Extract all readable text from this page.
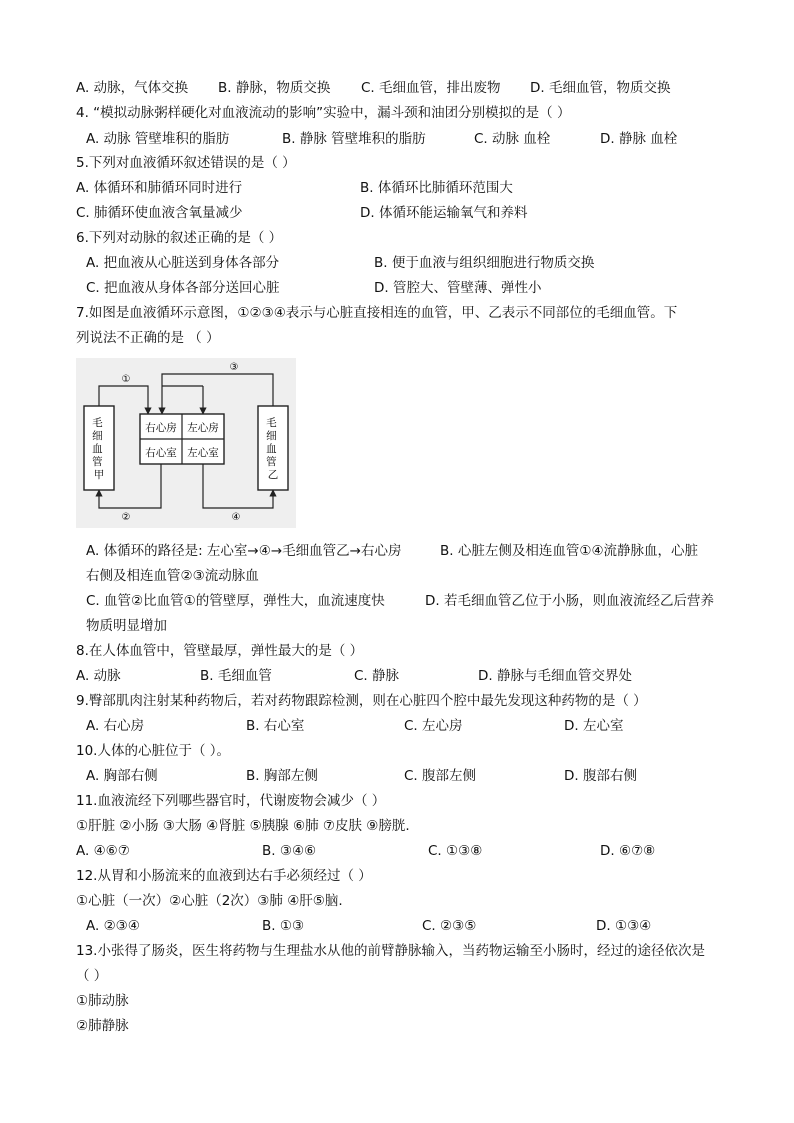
A. 动脉，气体交换 B. 静脉，物质交换 C. 毛细血管，排出废物 D. 毛细血管，物质交换
4. “模拟动脉粥样硬化对血液流动的影响”实验中，漏斗颈和油团分别模拟的是（ ）
A. 动脉 管壁堆积的脂肪	B. 静脉 管壁堆积的脂肪	C. 动脉 血栓	D. 静脉 血栓
5.下列对血液循环叙述错误的是（ ）
A. 体循环和肺循环同时进行	B. 体循环比肺循环范围大
C. 肺循环使血液含氧量减少	D. 体循环能运输氧气和养料
6.下列对动脉的叙述正确的是（ ）
A. 把血液从心脏送到身体各部分	B. 便于血液与组织细胞进行物质交换
C. 把血液从身体各部分送回心脏	D. 管腔大、管壁薄、弹性小
7.如图是血液循环示意图，①②③④表示与心脏直接相连的血管，甲、乙表示不同部位的毛细血管。下
列说法不正确的是 （ ）
毛 细 血 管 甲
毛 细 血 管 乙
右心房 左心房
右心室 左心室
①
③
②	④
A. 体循环的路径是: 左心室→④→毛细血管乙→右心房	B. 心脏左侧及相连血管①④流静脉血，心脏
右侧及相连血管②③流动脉血
C. 血管②比血管①的管壁厚，弹性大，血流速度快	D. 若毛细血管乙位于小肠，则血液流经乙后营养
物质明显增加
8.在人体血管中，管壁最厚，弹性最大的是（ ）
A. 动脉	B. 毛细血管	C. 静脉	D. 静脉与毛细血管交界处
9.臀部肌肉注射某种药物后，若对药物跟踪检测，则在心脏四个腔中最先发现这种药物的是（ ）
A. 右心房	B. 右心室	C. 左心房	D. 左心室
10.人体的心脏位于（ ）。
A. 胸部右侧	B. 胸部左侧	C. 腹部左侧	D. 腹部右侧
11.血液流经下列哪些器官时，代谢废物会减少（ ）
①肝脏 ②小肠 ③大肠 ④肾脏 ⑤胰腺 ⑥肺 ⑦皮肤 ⑨膀胱.
A. ④⑥⑦	B. ③④⑥	C. ①③⑧	D. ⑥⑦⑧
12.从胃和小肠流来的血液到达右手必须经过（ ）
①心脏（一次）②心脏（2次）③肺 ④肝⑤脑.
A. ②③④	B. ①③	C. ②③⑤	D. ①③④
13.小张得了肠炎，医生将药物与生理盐水从他的前臂静脉输入，当药物运输至小肠时，经过的途径依次是
（ ）
①肺动脉
②肺静脉
